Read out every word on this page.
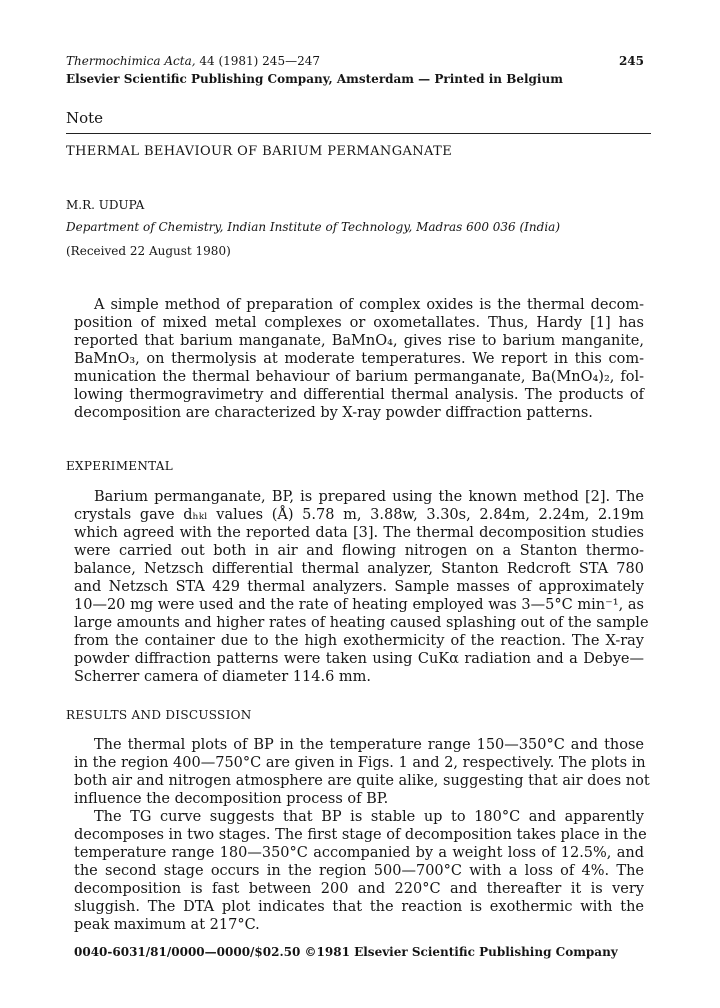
Thermochimica Acta, 44 (1981) 245—247	245
Elsevier Scientific Publishing Company, Amsterdam — Printed in Belgium
Note
THERMAL BEHAVIOUR OF BARIUM PERMANGANATE
M.R. UDUPA
Department of Chemistry, Indian Institute of Technology, Madras 600 036 (India)
(Received 22 August 1980)
A simple method of preparation of complex oxides is the thermal decom-
position of mixed metal complexes or oxometallates. Thus, Hardy [1] has
reported that barium manganate, BaMnO₄, gives rise to barium manganite,
BaMnO₃, on thermolysis at moderate temperatures. We report in this com-
munication the thermal behaviour of barium permanganate, Ba(MnO₄)₂, fol-
lowing thermogravimetry and differential thermal analysis. The products of
decomposition are characterized by X-ray powder diffraction patterns.
EXPERIMENTAL
Barium permanganate, BP, is prepared using the known method [2]. The
crystals gave dₕₖₗ values (Å) 5.78 m, 3.88w, 3.30s, 2.84m, 2.24m, 2.19m
which agreed with the reported data [3]. The thermal decomposition studies
were carried out both in air and flowing nitrogen on a Stanton thermo-
balance, Netzsch differential thermal analyzer, Stanton Redcroft STA 780
and Netzsch STA 429 thermal analyzers. Sample masses of approximately
10—20 mg were used and the rate of heating employed was 3—5°C min⁻¹, as
large amounts and higher rates of heating caused splashing out of the sample
from the container due to the high exothermicity of the reaction. The X-ray
powder diffraction patterns were taken using CuKα radiation and a Debye—
Scherrer camera of diameter 114.6 mm.
RESULTS AND DISCUSSION
The thermal plots of BP in the temperature range 150—350°C and those
in the region 400—750°C are given in Figs. 1 and 2, respectively. The plots in
both air and nitrogen atmosphere are quite alike, suggesting that air does not
influence the decomposition process of BP.
The TG curve suggests that BP is stable up to 180°C and apparently
decomposes in two stages. The first stage of decomposition takes place in the
temperature range 180—350°C accompanied by a weight loss of 12.5%, and
the second stage occurs in the region 500—700°C with a loss of 4%. The
decomposition is fast between 200 and 220°C and thereafter it is very
sluggish. The DTA plot indicates that the reaction is exothermic with the
peak maximum at 217°C.
0040-6031/81/0000—0000/$02.50 ©1981 Elsevier Scientific Publishing Company
